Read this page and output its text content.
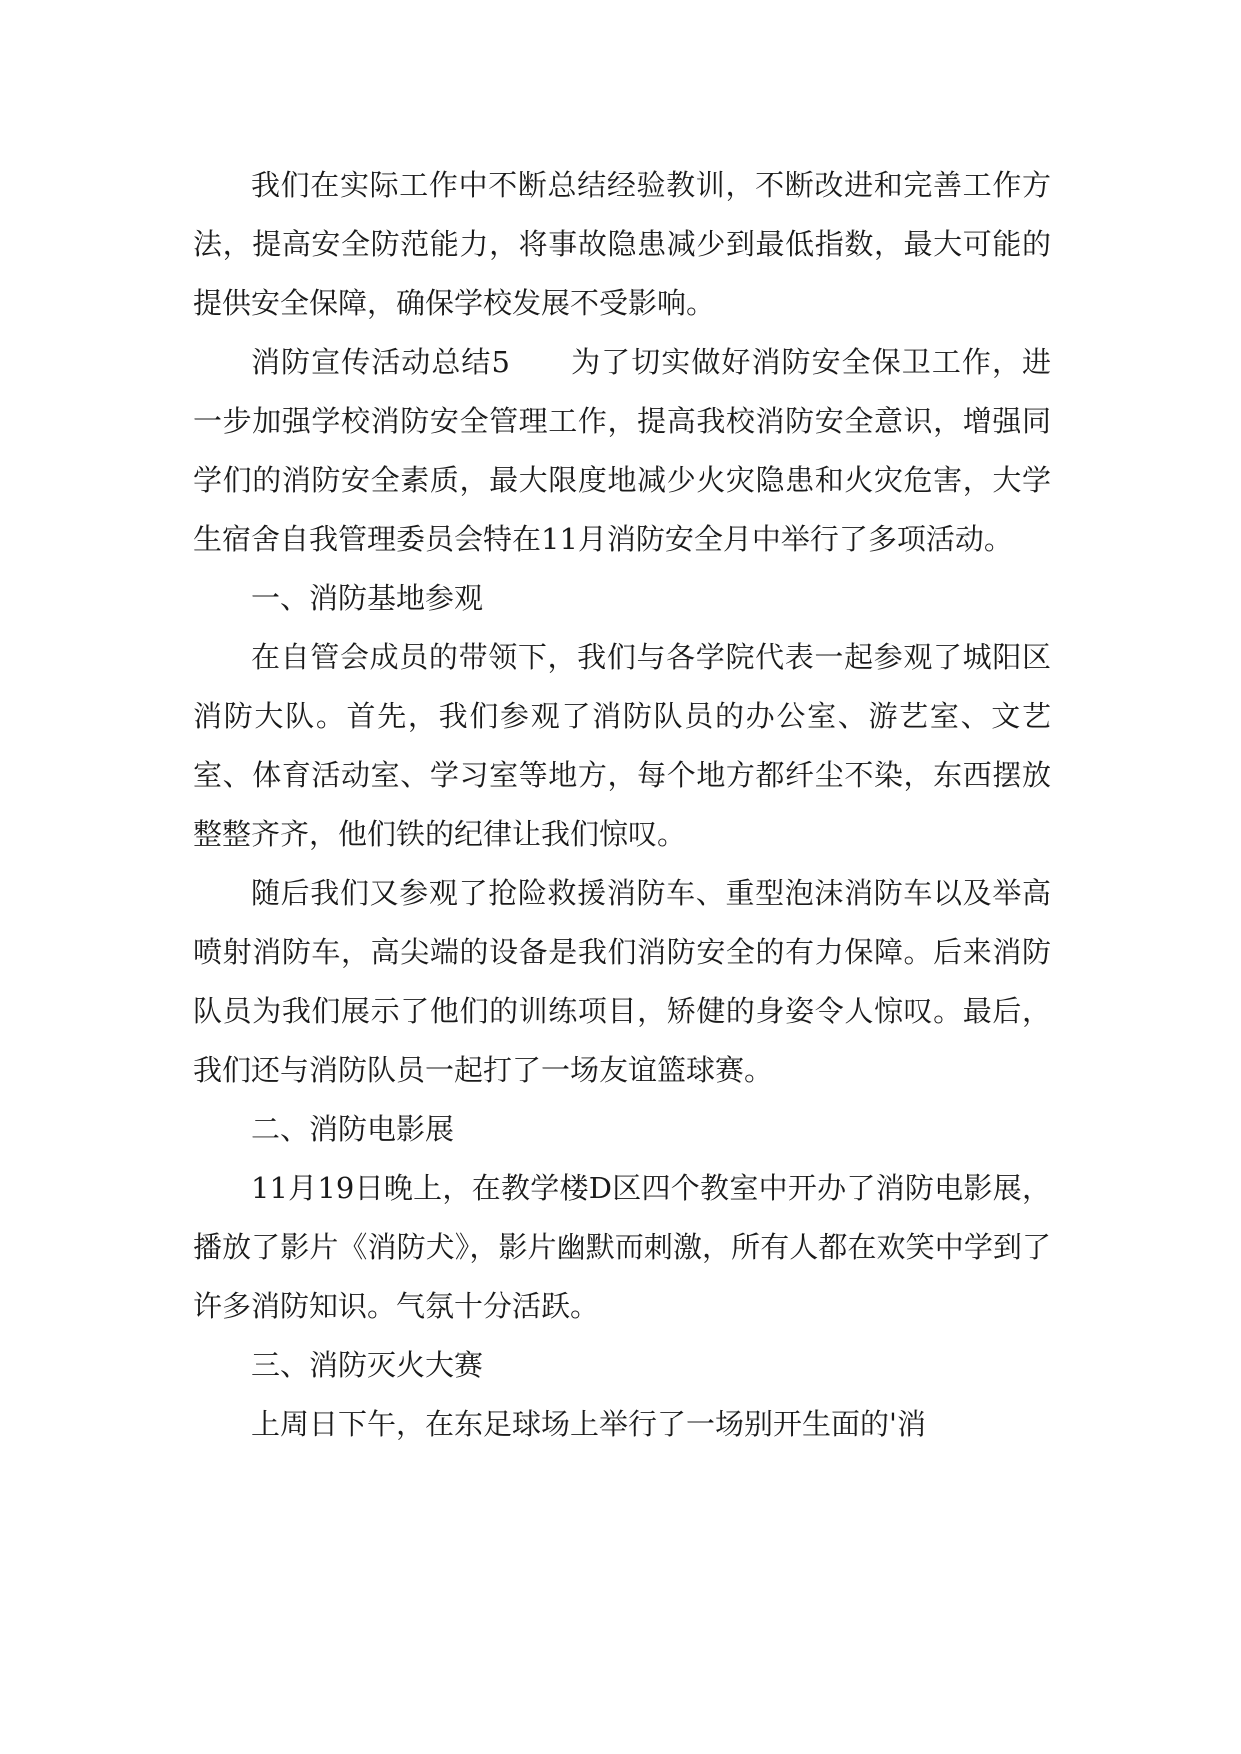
我们在实际工作中不断总结经验教训，不断改进和完善工作方法，提高安全防范能力，将事故隐患减少到最低指数，最大可能的提供安全保障，确保学校发展不受影响。

消防宣传活动总结5　　为了切实做好消防安全保卫工作，进一步加强学校消防安全管理工作，提高我校消防安全意识，增强同学们的消防安全素质，最大限度地减少火灾隐患和火灾危害，大学生宿舍自我管理委员会特在11月消防安全月中举行了多项活动。

一、消防基地参观

在自管会成员的带领下，我们与各学院代表一起参观了城阳区消防大队。首先，我们参观了消防队员的办公室、游艺室、文艺室、体育活动室、学习室等地方，每个地方都纤尘不染，东西摆放整整齐齐，他们铁的纪律让我们惊叹。

随后我们又参观了抢险救援消防车、重型泡沫消防车以及举高喷射消防车，高尖端的设备是我们消防安全的有力保障。后来消防队员为我们展示了他们的训练项目，矫健的身姿令人惊叹。最后，我们还与消防队员一起打了一场友谊篮球赛。

二、消防电影展

11月19日晚上，在教学楼D区四个教室中开办了消防电影展，播放了影片《消防犬》，影片幽默而刺激，所有人都在欢笑中学到了许多消防知识。气氛十分活跃。

三、消防灭火大赛

上周日下午，在东足球场上举行了一场别开生面的'消
